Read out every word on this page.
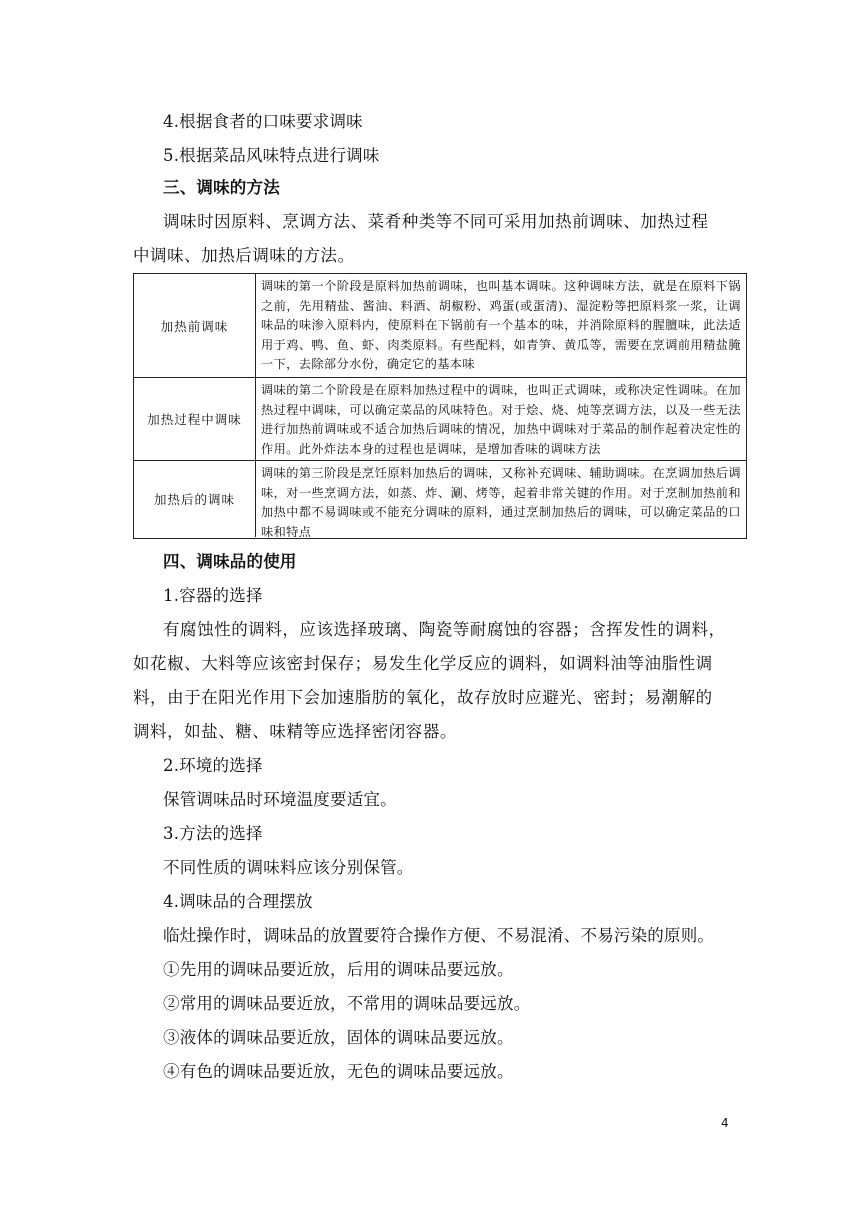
4.根据食者的口味要求调味
5.根据菜品风味特点进行调味
三、调味的方法
调味时因原料、烹调方法、菜肴种类等不同可采用加热前调味、加热过程
中调味、加热后调味的方法。
加热前调味
调味的第一个阶段是原料加热前调味，也叫基本调味。这种调味方法，就是在原料下锅之前，先用精盐、酱油、料酒、胡椒粉、鸡蛋(或蛋清)、湿淀粉等把原料浆一浆，让调味品的味渗入原料内，使原料在下锅前有一个基本的味，并消除原料的腥膻味，此法适用于鸡、鸭、鱼、虾、肉类原料。有些配料，如青笋、黄瓜等，需要在烹调前用精盐腌一下，去除部分水份，确定它的基本味
加热过程中调味
调味的第二个阶段是在原料加热过程中的调味，也叫正式调味，或称决定性调味。在加热过程中调味，可以确定菜品的风味特色。对于烩、烧、炖等烹调方法，以及一些无法进行加热前调味或不适合加热后调味的情况，加热中调味对于菜品的制作起着决定性的作用。此外炸法本身的过程也是调味，是增加香味的调味方法
加热后的调味
调味的第三阶段是烹饪原料加热后的调味，又称补充调味、辅助调味。在烹调加热后调味，对一些烹调方法，如蒸、炸、涮、烤等，起着非常关键的作用。对于烹制加热前和加热中都不易调味或不能充分调味的原料，通过烹制加热后的调味，可以确定菜品的口味和特点
四、调味品的使用
1.容器的选择
有腐蚀性的调料，应该选择玻璃、陶瓷等耐腐蚀的容器；含挥发性的调料，
如花椒、大料等应该密封保存；易发生化学反应的调料，如调料油等油脂性调
料，由于在阳光作用下会加速脂肪的氧化，故存放时应避光、密封；易潮解的
调料，如盐、糖、味精等应选择密闭容器。
2.环境的选择
保管调味品时环境温度要适宜。
3.方法的选择
不同性质的调味料应该分别保管。
4.调味品的合理摆放
临灶操作时，调味品的放置要符合操作方便、不易混淆、不易污染的原则。
①先用的调味品要近放，后用的调味品要远放。
②常用的调味品要近放，不常用的调味品要远放。
③液体的调味品要近放，固体的调味品要远放。
④有色的调味品要近放，无色的调味品要远放。
4
